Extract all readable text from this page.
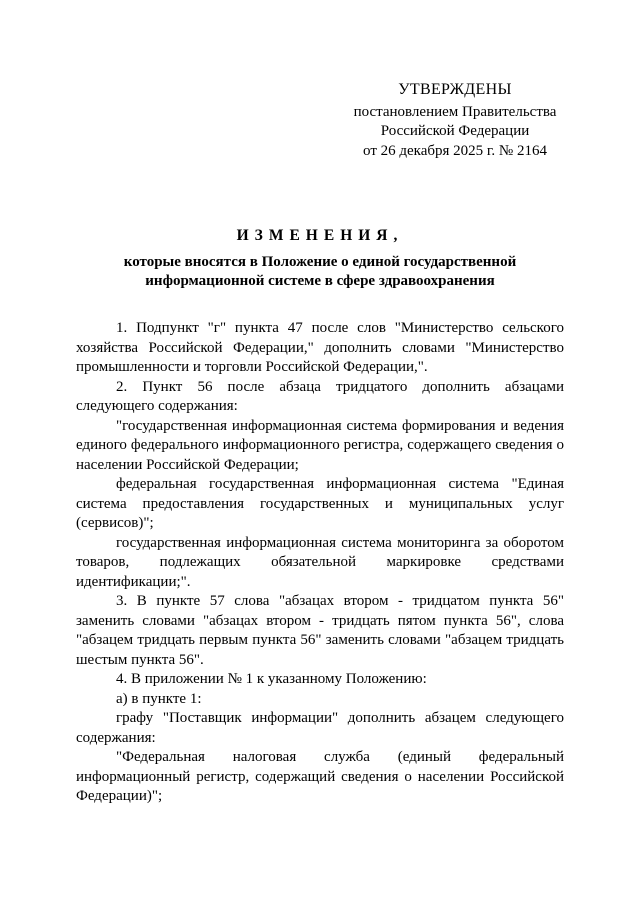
УТВЕРЖДЕНЫ
постановлением Правительства
Российской Федерации
от 26 декабря 2025 г. № 2164
ИЗМЕНЕНИЯ,
которые вносятся в Положение о единой государственной информационной системе в сфере здравоохранения

1. Подпункт "г" пункта 47 после слов "Министерство сельского хозяйства Российской Федерации," дополнить словами "Министерство промышленности и торговли Российской Федерации,".

2. Пункт 56 после абзаца тридцатого дополнить абзацами следующего содержания:

"государственная информационная система формирования и ведения единого федерального информационного регистра, содержащего сведения о населении Российской Федерации;

федеральная государственная информационная система "Единая система предоставления государственных и муниципальных услуг (сервисов)";

государственная информационная система мониторинга за оборотом товаров, подлежащих обязательной маркировке средствами идентификации;".

3. В пункте 57 слова "абзацах втором - тридцатом пункта 56" заменить словами "абзацах втором - тридцать пятом пункта 56", слова "абзацем тридцать первым пункта 56" заменить словами "абзацем тридцать шестым пункта 56".

4. В приложении № 1 к указанному Положению:

а) в пункте 1:

графу "Поставщик информации" дополнить абзацем следующего содержания:

"Федеральная налоговая служба (единый федеральный информационный регистр, содержащий сведения о населении Российской Федерации)";
